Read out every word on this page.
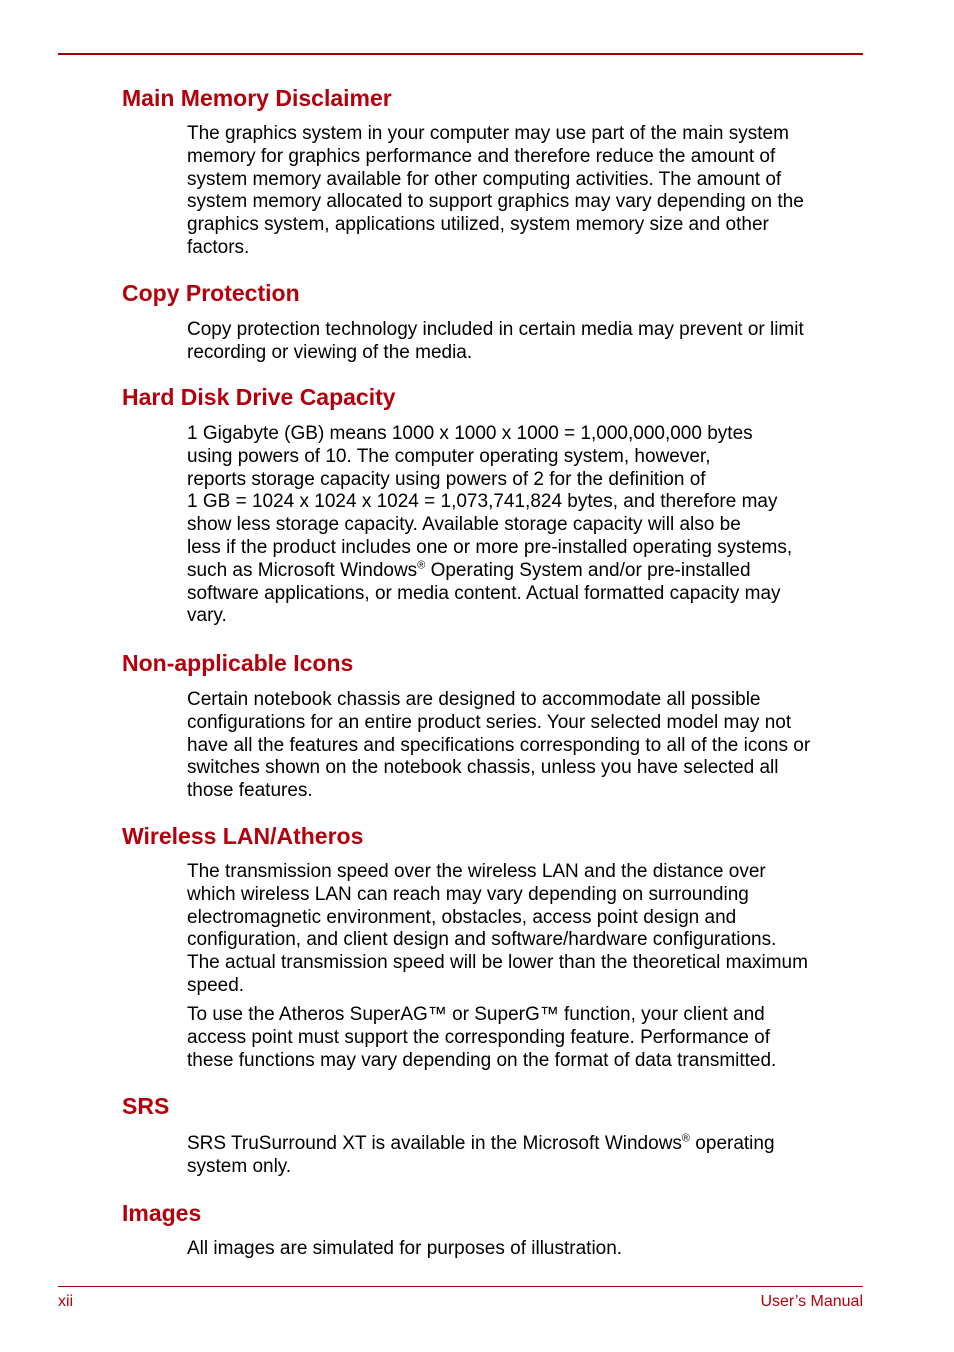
Main Memory Disclaimer

The graphics system in your computer may use part of the main system
memory for graphics performance and therefore reduce the amount of
system memory available for other computing activities. The amount of
system memory allocated to support graphics may vary depending on the
graphics system, applications utilized, system memory size and other
factors.

Copy Protection

Copy protection technology included in certain media may prevent or limit
recording or viewing of the media.

Hard Disk Drive Capacity

1 Gigabyte (GB) means 1000 x 1000 x 1000 = 1,000,000,000 bytes
using powers of 10. The computer operating system, however,
reports storage capacity using powers of 2 for the definition of
1 GB = 1024 x 1024 x 1024 = 1,073,741,824 bytes, and therefore may
show less storage capacity. Available storage capacity will also be
less if the product includes one or more pre-installed operating systems,
such as Microsoft Windows® Operating System and/or pre-installed
software applications, or media content. Actual formatted capacity may
vary.

Non-applicable Icons

Certain notebook chassis are designed to accommodate all possible
configurations for an entire product series. Your selected model may not
have all the features and specifications corresponding to all of the icons or
switches shown on the notebook chassis, unless you have selected all
those features.

Wireless LAN/Atheros

The transmission speed over the wireless LAN and the distance over
which wireless LAN can reach may vary depending on surrounding
electromagnetic environment, obstacles, access point design and
configuration, and client design and software/hardware configurations.
The actual transmission speed will be lower than the theoretical maximum
speed.

To use the Atheros SuperAG™ or SuperG™ function, your client and
access point must support the corresponding feature. Performance of
these functions may vary depending on the format of data transmitted.

SRS

SRS TruSurround XT is available in the Microsoft Windows® operating
system only.

Images

All images are simulated for purposes of illustration.

xii	User’s Manual
